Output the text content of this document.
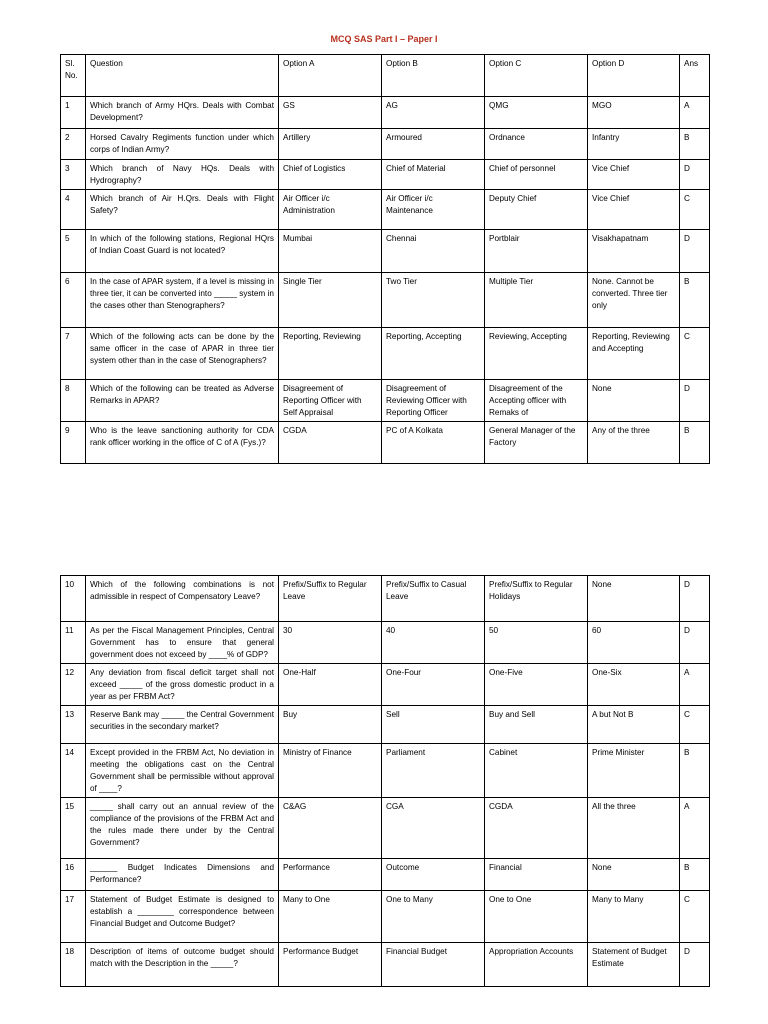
MCQ SAS Part I – Paper I
Sl. No.	Question	Option A	Option B	Option C	Option D	Ans
1	Which branch of Army HQrs. Deals with Combat Development?	GS	AG	QMG	MGO	A
2	Horsed Cavalry Regiments function under which corps of Indian Army?	Artillery	Armoured	Ordnance	Infantry	B
3	Which branch of Navy HQs. Deals with Hydrography?	Chief of Logistics	Chief of Material	Chief of personnel	Vice Chief	D
4	Which branch of Air H.Qrs. Deals with Flight Safety?	Air Officer i/c Administration	Air Officer i/c Maintenance	Deputy Chief	Vice Chief	C
5	In which of the following stations, Regional HQrs of Indian Coast Guard is not located?	Mumbai	Chennai	Portblair	Visakhapatnam	D
6	In the case of APAR system, if a level is missing in three tier, it can be converted into _____ system in the cases other than Stenographers?	Single Tier	Two Tier	Multiple Tier	None. Cannot be converted. Three tier only	B
7	Which of the following acts can be done by the same officer in the case of APAR in three tier system other than in the case of Stenographers?	Reporting, Reviewing	Reporting, Accepting	Reviewing, Accepting	Reporting, Reviewing and Accepting	C
8	Which of the following can be treated as Adverse Remarks in APAR?	Disagreement of Reporting Officer with Self Appraisal	Disagreement of Reviewing Officer with Reporting Officer	Disagreement of the Accepting officer with Remaks of	None	D
9	Who is the leave sanctioning authority for CDA rank officer working in the office of C of A (Fys.)?	CGDA	PC of A Kolkata	General Manager of the Factory	Any of the three	B
10	Which of the following combinations is not admissible in respect of Compensatory Leave?	Prefix/Suffix to Regular Leave	Prefix/Suffix to Casual Leave	Prefix/Suffix to Regular Holidays	None	D
11	As per the Fiscal Management Principles, Central Government has to ensure that general government does not exceed by ____% of GDP?	30	40	50	60	D
12	Any deviation from fiscal deficit target shall not exceed _____ of the gross domestic product in a year as per FRBM Act?	One-Half	One-Four	One-Five	One-Six	A
13	Reserve Bank may _____ the Central Government securities in the secondary market?	Buy	Sell	Buy and Sell	A but Not B	C
14	Except provided in the FRBM Act, No deviation in meeting the obligations cast on the Central Government shall be permissible without approval of ____?	Ministry of Finance	Parliament	Cabinet	Prime Minister	B
15	_____ shall carry out an annual review of the compliance of the provisions of the FRBM Act and the rules made there under by the Central Government?	C&AG	CGA	CGDA	All the three	A
16	______ Budget Indicates Dimensions and Performance?	Performance	Outcome	Financial	None	B
17	Statement of Budget Estimate is designed to establish a ________ correspondence between Financial Budget and Outcome Budget?	Many to One	One to Many	One to One	Many to Many	C
18	Description of items of outcome budget should match with the Description in the _____?	Performance Budget	Financial Budget	Appropriation Accounts	Statement of Budget Estimate	D
